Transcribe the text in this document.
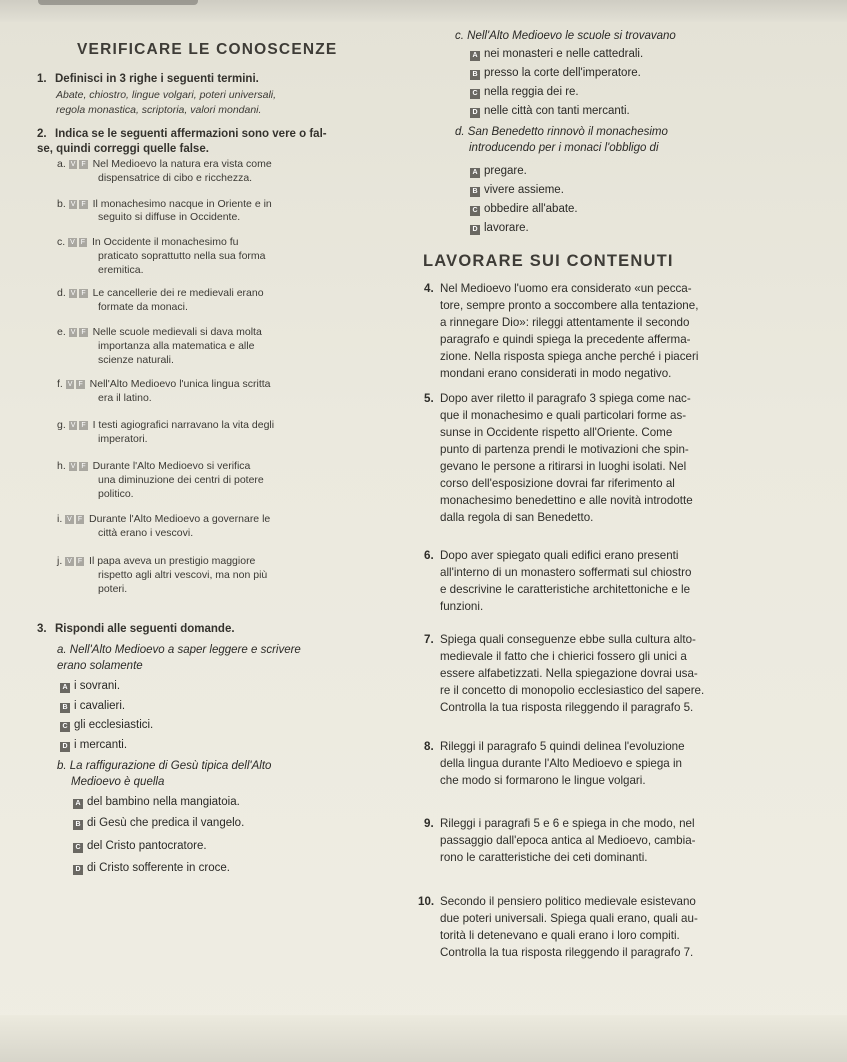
VERIFICARE LE CONOSCENZE
1. Definisci in 3 righe i seguenti termini.
Abate, chiostro, lingue volgari, poteri universali,
regola monastica, scriptoria, valori mondani.
2. Indica se le seguenti affermazioni sono vere o fal-
se, quindi correggi quelle false.
a. V F Nel Medioevo la natura era vista come
dispensatrice di cibo e ricchezza.
b. V F Il monachesimo nacque in Oriente e in
seguito si diffuse in Occidente.
c. V F In Occidente il monachesimo fu
praticato soprattutto nella sua forma
eremitica.
d. V F Le cancellerie dei re medievali erano
formate da monaci.
e. V F Nelle scuole medievali si dava molta
importanza alla matematica e alle
scienze naturali.
f. V F Nell'Alto Medioevo l'unica lingua scritta
era il latino.
g. V F I testi agiografici narravano la vita degli
imperatori.
h. V F Durante l'Alto Medioevo si verifica
una diminuzione dei centri di potere
politico.
i. V F Durante l'Alto Medioevo a governare le
città erano i vescovi.
j. V F Il papa aveva un prestigio maggiore
rispetto agli altri vescovi, ma non più
poteri.
3. Rispondi alle seguenti domande.
a. Nell'Alto Medioevo a saper leggere e scrivere
erano solamente
A i sovrani.
B i cavalieri.
C gli ecclesiastici.
D i mercanti.
b. La raffigurazione di Gesù tipica dell'Alto
Medioevo è quella
A del bambino nella mangiatoia.
B di Gesù che predica il vangelo.
C del Cristo pantocratore.
D di Cristo sofferente in croce.
c. Nell'Alto Medioevo le scuole si trovavano
A nei monasteri e nelle cattedrali.
B presso la corte dell'imperatore.
C nella reggia dei re.
D nelle città con tanti mercanti.
d. San Benedetto rinnovò il monachesimo
introducendo per i monaci l'obbligo di
A pregare.
B vivere assieme.
C obbedire all'abate.
D lavorare.
LAVORARE SUI CONTENUTI
4. Nel Medioevo l'uomo era considerato «un pecca-
tore, sempre pronto a soccombere alla tentazione,
a rinnegare Dio»: rileggi attentamente il secondo
paragrafo e quindi spiega la precedente afferma-
zione. Nella risposta spiega anche perché i piaceri
mondani erano considerati in modo negativo.
5. Dopo aver riletto il paragrafo 3 spiega come nac-
que il monachesimo e quali particolari forme as-
sunse in Occidente rispetto all'Oriente. Come
punto di partenza prendi le motivazioni che spin-
gevano le persone a ritirarsi in luoghi isolati. Nel
corso dell'esposizione dovrai far riferimento al
monachesimo benedettino e alle novità introdotte
dalla regola di san Benedetto.
6. Dopo aver spiegato quali edifici erano presenti
all'interno di un monastero soffermati sul chiostro
e descrivine le caratteristiche architettoniche e le
funzioni.
7. Spiega quali conseguenze ebbe sulla cultura alto-
medievale il fatto che i chierici fossero gli unici a
essere alfabetizzati. Nella spiegazione dovrai usa-
re il concetto di monopolio ecclesiastico del sapere.
Controlla la tua risposta rileggendo il paragrafo 5.
8. Rileggi il paragrafo 5 quindi delinea l'evoluzione
della lingua durante l'Alto Medioevo e spiega in
che modo si formarono le lingue volgari.
9. Rileggi i paragrafi 5 e 6 e spiega in che modo, nel
passaggio dall'epoca antica al Medioevo, cambia-
rono le caratteristiche dei ceti dominanti.
10. Secondo il pensiero politico medievale esistevano
due poteri universali. Spiega quali erano, quali au-
torità li detenevano e quali erano i loro compiti.
Controlla la tua risposta rileggendo il paragrafo 7.
